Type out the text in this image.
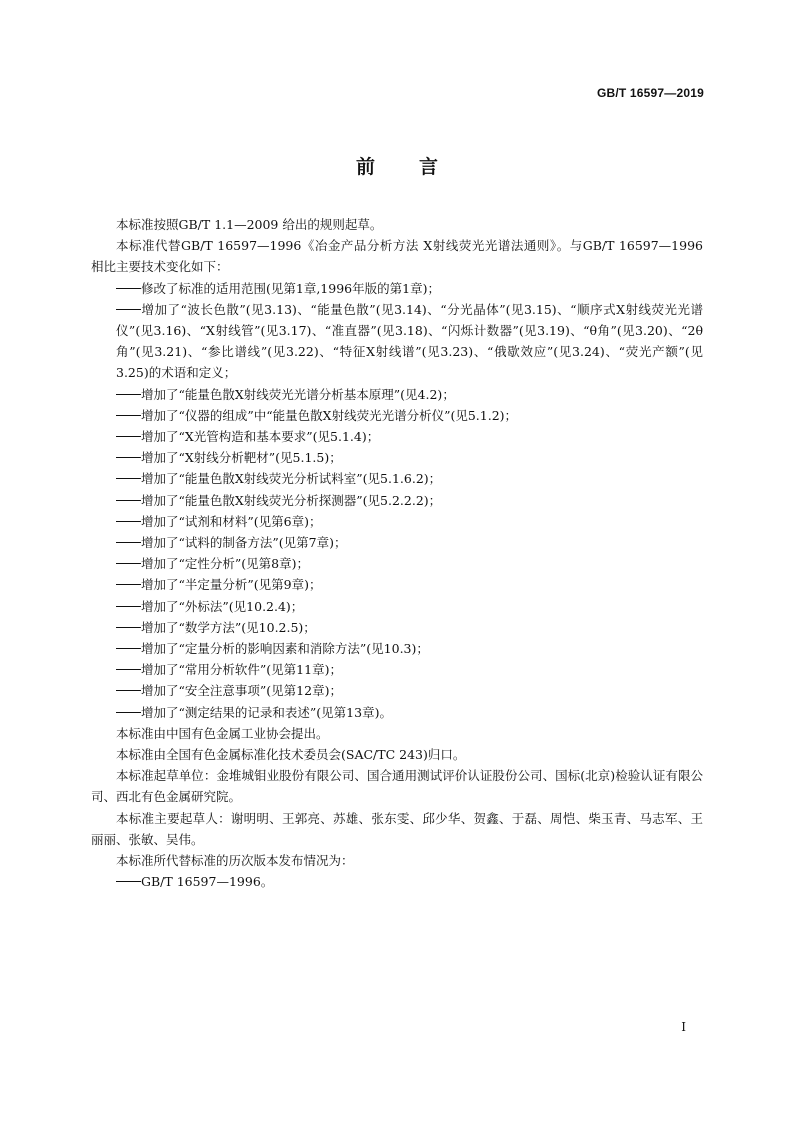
GB/T 16597—2019
前言

本标准按照GB/T 1.1—2009 给出的规则起草。

本标准代替GB/T 16597—1996《冶金产品分析方法 X射线荧光光谱法通则》。与GB/T 16597—1996 相比主要技术变化如下：

修改了标准的适用范围(见第1章,1996年版的第1章)；

增加了“波长色散”(见3.13)、“能量色散”(见3.14)、“分光晶体”(见3.15)、“顺序式X射线荧光光谱仪”(见3.16)、“X射线管”(见3.17)、“准直器”(见3.18)、“闪烁计数器”(见3.19)、“θ角”(见3.20)、“2θ角”(见3.21)、“参比谱线”(见3.22)、“特征X射线谱”(见3.23)、“俄歇效应”(见3.24)、“荧光产额”(见3.25)的术语和定义；

增加了“能量色散X射线荧光光谱分析基本原理”(见4.2)；

增加了“仪器的组成”中“能量色散X射线荧光光谱分析仪”(见5.1.2)；

增加了“X光管构造和基本要求”(见5.1.4)；

增加了“X射线分析靶材”(见5.1.5)；

增加了“能量色散X射线荧光分析试料室”(见5.1.6.2)；

增加了“能量色散X射线荧光分析探测器”(见5.2.2.2)；

增加了“试剂和材料”(见第6章)；

增加了“试料的制备方法”(见第7章)；

增加了“定性分析”(见第8章)；

增加了“半定量分析”(见第9章)；

增加了“外标法”(见10.2.4)；

增加了“数学方法”(见10.2.5)；

增加了“定量分析的影响因素和消除方法”(见10.3)；

增加了“常用分析软件”(见第11章)；

增加了“安全注意事项”(见第12章)；

增加了“测定结果的记录和表述”(见第13章)。

本标准由中国有色金属工业协会提出。

本标准由全国有色金属标准化技术委员会(SAC/TC 243)归口。

本标准起草单位：金堆城钼业股份有限公司、国合通用测试评价认证股份公司、国标(北京)检验认证有限公司、西北有色金属研究院。

本标准主要起草人：谢明明、王郭亮、苏雄、张东雯、邱少华、贺鑫、于磊、周恺、柴玉青、马志军、王丽丽、张敏、吴伟。

本标准所代替标准的历次版本发布情况为：

GB/T 16597—1996。

I
